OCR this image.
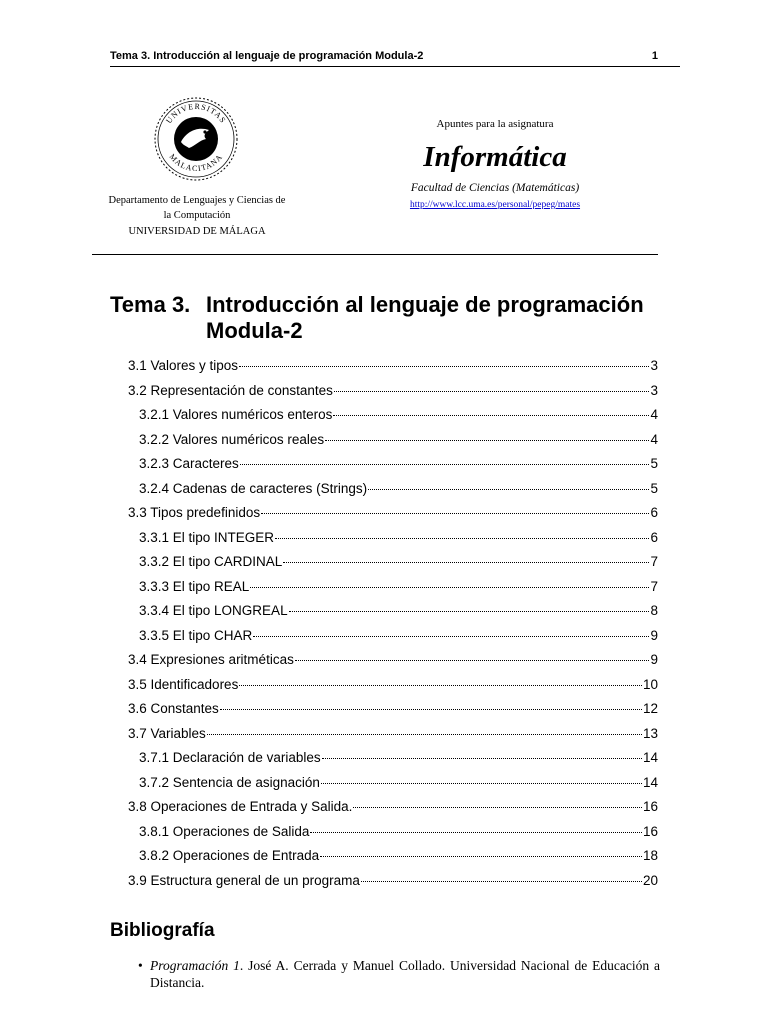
Tema 3. Introducción al lenguaje de programación Modula-2	1
UNIVERSITAS
MALACITANA
Departamento de Lenguajes y Ciencias de
la Computación
UNIVERSIDAD DE MÁLAGA
Apuntes para la asignatura
Informática
Facultad de Ciencias (Matemáticas)
http://www.lcc.uma.es/personal/pepeg/mates
Tema 3. Introducción al lenguaje de programación
Modula-2
3.1 Valores y tipos	3
3.2 Representación de constantes	3
3.2.1 Valores numéricos enteros	4
3.2.2 Valores numéricos reales	4
3.2.3 Caracteres	5
3.2.4 Cadenas de caracteres (Strings)	5
3.3 Tipos predefinidos	6
3.3.1 El tipo INTEGER	6
3.3.2 El tipo CARDINAL	7
3.3.3 El tipo REAL	7
3.3.4 El tipo LONGREAL	8
3.3.5 El tipo CHAR	9
3.4 Expresiones aritméticas	9
3.5 Identificadores	10
3.6 Constantes	12
3.7 Variables	13
3.7.1 Declaración de variables	14
3.7.2 Sentencia de asignación	14
3.8 Operaciones de Entrada y Salida.	16
3.8.1 Operaciones de Salida	16
3.8.2 Operaciones de Entrada	18
3.9 Estructura general de un programa	20
Bibliografía
• Programación 1. José A. Cerrada y Manuel Collado. Universidad Nacional de Educación a Distancia.
